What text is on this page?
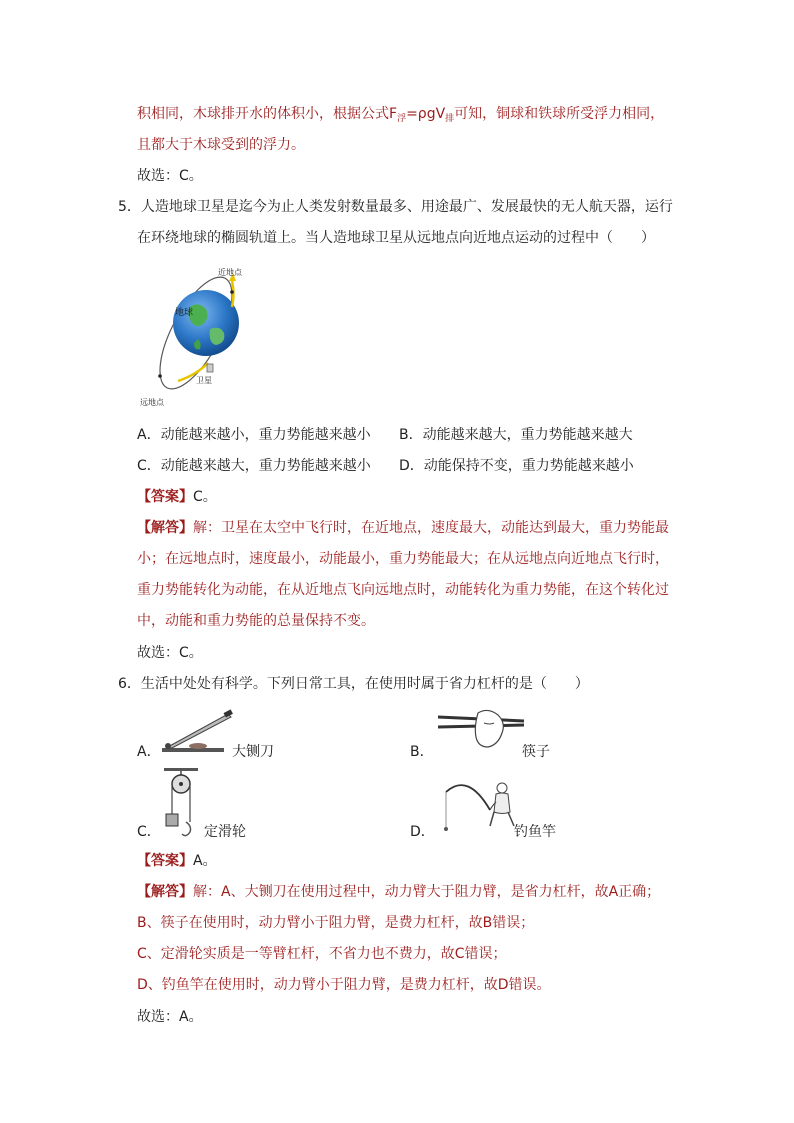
积相同，木球排开水的体积小，根据公式$F_浮=\rho gV_排$可知，铜球和铁球所受浮力相同，
且都大于木球受到的浮力。
故选：C。
5．人造地球卫星是迄今为止人类发射数量最多、用途最广、发展最快的无人航天器，运行
在环绕地球的椭圆轨道上。当人造地球卫星从远地点向近地点运动的过程中（　　）
近地点
地球
卫星
远地点
A．动能越来越小，重力势能越来越小 B．动能越来越大，重力势能越来越大
C．动能越来越大，重力势能越来越小 D．动能保持不变，重力势能越来越小
【答案】C。
【解答】解：卫星在太空中飞行时，在近地点，速度最大，动能达到最大，重力势能最
小；在远地点时，速度最小，动能最小，重力势能最大；在从远地点向近地点飞行时，
重力势能转化为动能，在从近地点飞向远地点时，动能转化为重力势能，在这个转化过
中，动能和重力势能的总量保持不变。
故选：C。
6．生活中处处有科学。下列日常工具，在使用时属于省力杠杆的是（　　）
A．	大铡刀	B．	筷子
C．	定滑轮	D．	钓鱼竿
【答案】A。
【解答】解：A、大铡刀在使用过程中，动力臂大于阻力臂，是省力杠杆，故A正确；
B、筷子在使用时，动力臂小于阻力臂，是费力杠杆，故B错误；
C、定滑轮实质是一等臂杠杆，不省力也不费力，故C错误；
D、钓鱼竿在使用时，动力臂小于阻力臂，是费力杠杆，故D错误。
故选：A。
